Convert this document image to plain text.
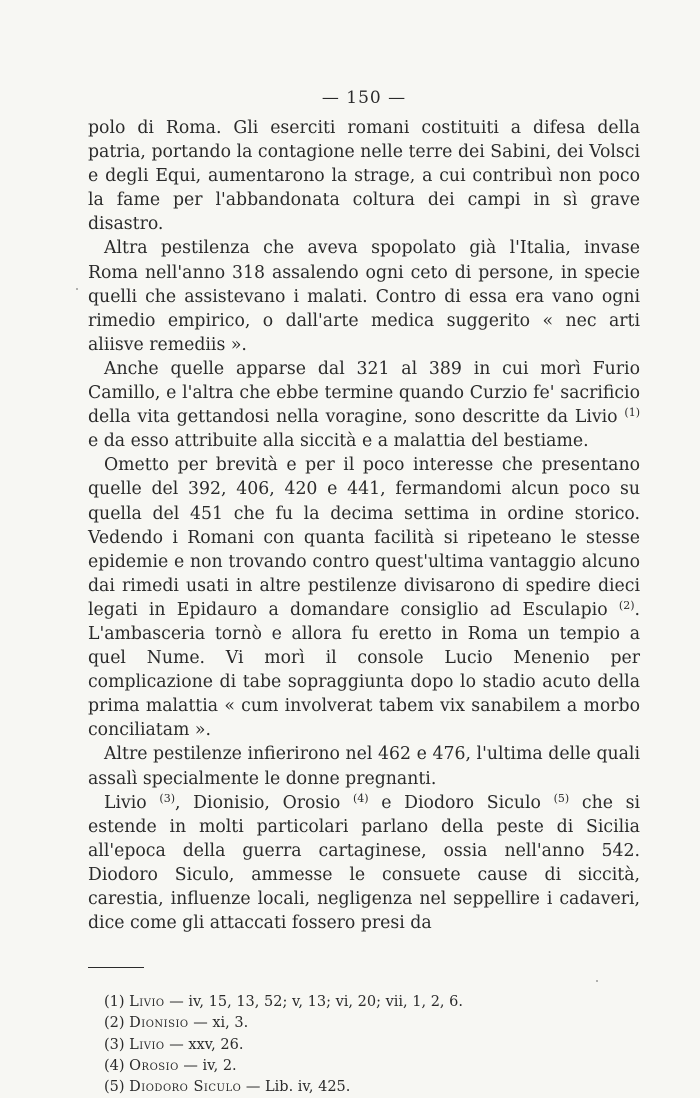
— 150 —

polo di Roma. Gli eserciti romani costituiti a difesa della patria, portando la contagione nelle terre dei Sabini, dei Volsci e degli Equi, aumentarono la strage, a cui contribuì non poco la fame per l'abbandonata coltura dei campi in sì grave disastro.

Altra pestilenza che aveva spopolato già l'Italia, invase Roma nell'anno 318 assalendo ogni ceto di persone, in specie quelli che assistevano i malati. Contro di essa era vano ogni rimedio empirico, o dall'arte medica suggerito « nec arti aliisve remediis ».

Anche quelle apparse dal 321 al 389 in cui morì Furio Camillo, e l'altra che ebbe termine quando Curzio fe' sacrificio della vita gettandosi nella voragine, sono descritte da Livio $^{(1)}$ e da esso attribuite alla siccità e a malattia del bestiame.

Ometto per brevità e per il poco interesse che presentano quelle del 392, 406, 420 e 441, fermandomi alcun poco su quella del 451 che fu la decima settima in ordine storico. Vedendo i Romani con quanta facilità si ripeteano le stesse epidemie e non trovando contro quest'ultima vantaggio alcuno dai rimedi usati in altre pestilenze divisarono di spedire dieci legati in Epidauro a domandare consiglio ad Esculapio $^{(2)}$. L'ambasceria tornò e allora fu eretto in Roma un tempio a quel Nume. Vi morì il console Lucio Menenio per complicazione di tabe sopraggiunta dopo lo stadio acuto della prima malattia « cum involverat tabem vix sanabilem a morbo conciliatam ».

Altre pestilenze infierirono nel 462 e 476, l'ultima delle quali assalì specialmente le donne pregnanti.

Livio $^{(3)}$, Dionisio, Orosio $^{(4)}$ e Diodoro Siculo $^{(5)}$ che si estende in molti particolari parlano della peste di Sicilia all'epoca della guerra cartaginese, ossia nell'anno 542. Diodoro Siculo, ammesse le consuete cause di siccità, carestia, influenze locali, negligenza nel seppellire i cadaveri, dice come gli attaccati fossero presi da

(1) Livio — iv, 15, 13, 52; v, 13; vi, 20; vii, 1, 2, 6.
(2) Dionisio — xi, 3.
(3) Livio — xxv, 26.
(4) Orosio — iv, 2.
(5) Diodoro Siculo — Lib. iv, 425.
